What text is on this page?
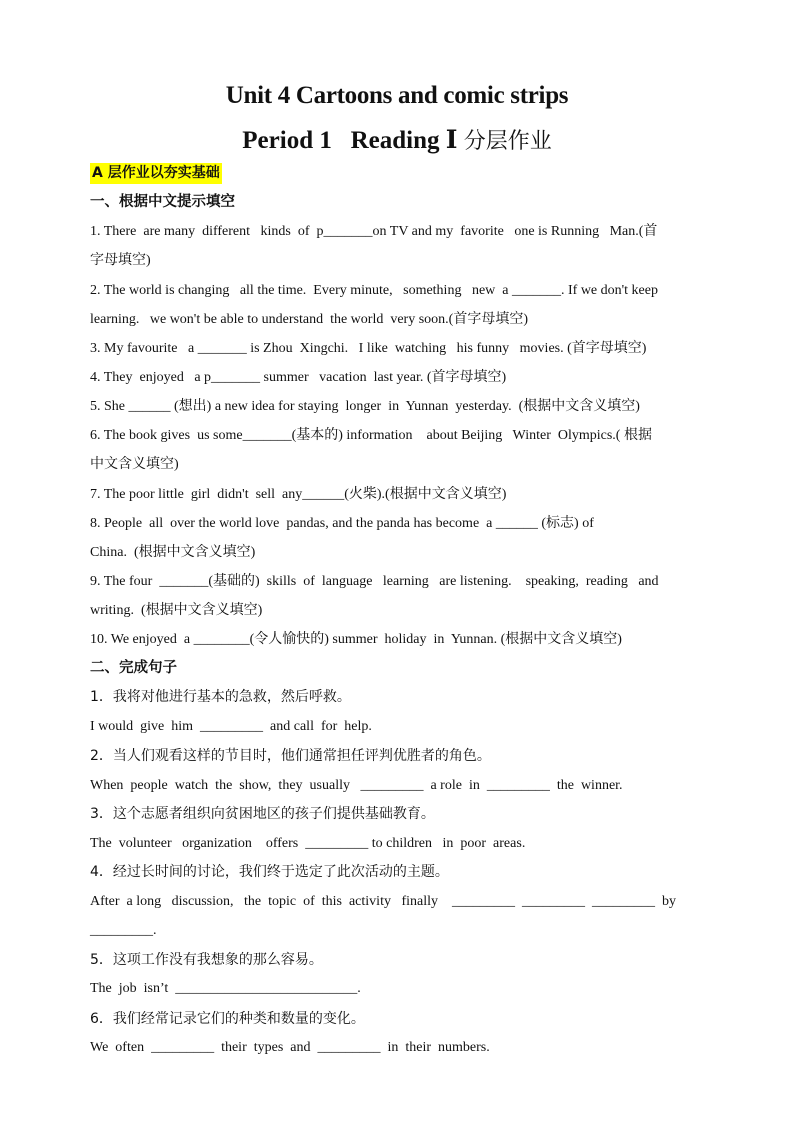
Unit 4 Cartoons and comic strips
Period 1   Reading Ⅰ 分层作业
A 层作业以夯实基础
一、根据中文提示填空
1. There  are many  different   kinds  of  p_______on TV and my  favorite   one is Running   Man.(首
字母填空)
2. The world is changing   all the time.  Every minute,   something   new  a _______. If we don't keep
learning.   we won't be able to understand  the world  very soon.(首字母填空)
3. My favourite   a _______ is Zhou  Xingchi.   I like  watching   his funny   movies. (首字母填空)
4. They  enjoyed   a p_______ summer   vacation  last year. (首字母填空)
5. She ______ (想出) a new idea for staying  longer  in  Yunnan  yesterday.  (根据中文含义填空)
6. The book gives  us some_______(基本的) information    about Beijing   Winter  Olympics.( 根据
中文含义填空)
7. The poor little  girl  didn't  sell  any______(火柴).(根据中文含义填空)
8. People  all  over the world love  pandas, and the panda has become  a ______ (标志) of
China.  (根据中文含义填空)
9. The four  _______(基础的)  skills  of  language   learning   are listening.    speaking,  reading   and
writing.  (根据中文含义填空)
10. We enjoyed  a ________(令人愉快的) summer  holiday  in  Yunnan. (根据中文含义填空)
二、完成句子
1．我将对他进行基本的急救，然后呼救。
I would  give  him  _________  and call  for  help.
2．当人们观看这样的节目时，他们通常担任评判优胜者的角色。
When  people  watch  the  show,  they  usually   _________  a role  in  _________  the  winner.
3．这个志愿者组织向贫困地区的孩子们提供基础教育。
The  volunteer   organization    offers  _________ to children   in  poor  areas.
4．经过长时间的讨论，我们终于选定了此次活动的主题。
After  a long   discussion,   the  topic  of  this  activity   finally    _________  _________  _________  by
_________.
5．这项工作没有我想象的那么容易。
The  job  isn’t  __________________________.
6．我们经常记录它们的种类和数量的变化。
We  often  _________  their  types  and  _________  in  their  numbers.
